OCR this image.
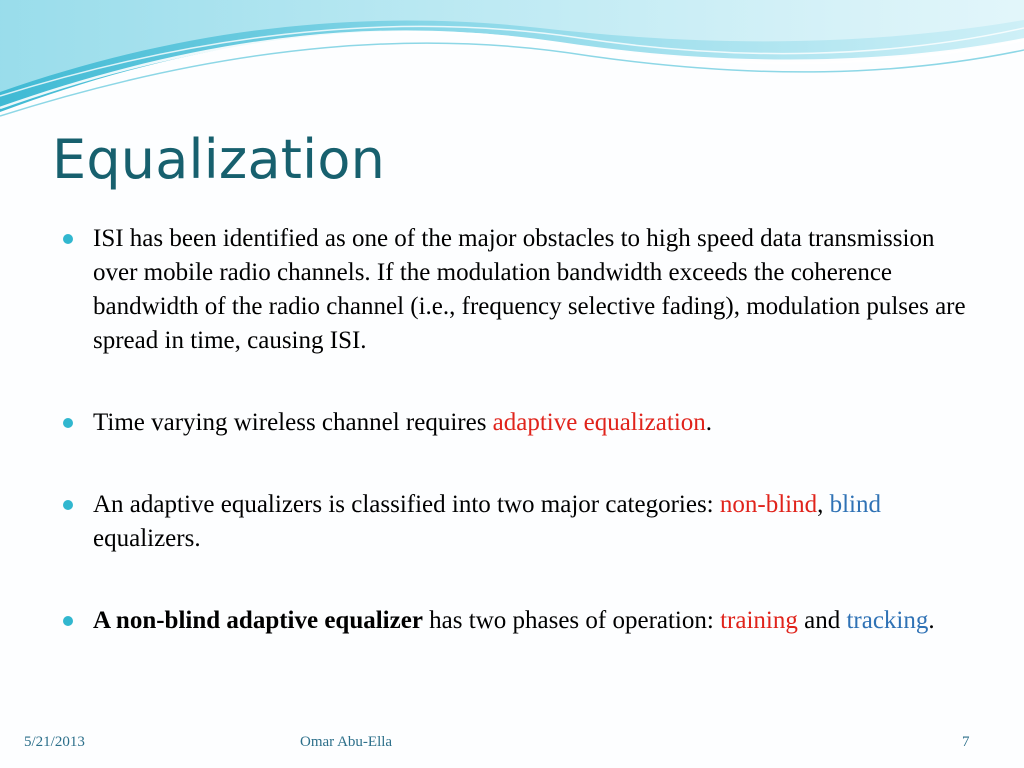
Equalization
ISI has been identified as one of the major obstacles to high speed data transmission over mobile radio channels. If the modulation bandwidth exceeds the coherence bandwidth of the radio channel (i.e., frequency selective fading), modulation pulses are spread in time, causing ISI.
Time varying wireless channel requires adaptive equalization.
An adaptive equalizers is classified into two major categories: non-blind, blind equalizers.
A non-blind adaptive equalizer has two phases of operation: training and tracking.

5/21/2013	Omar Abu-Ella	7
